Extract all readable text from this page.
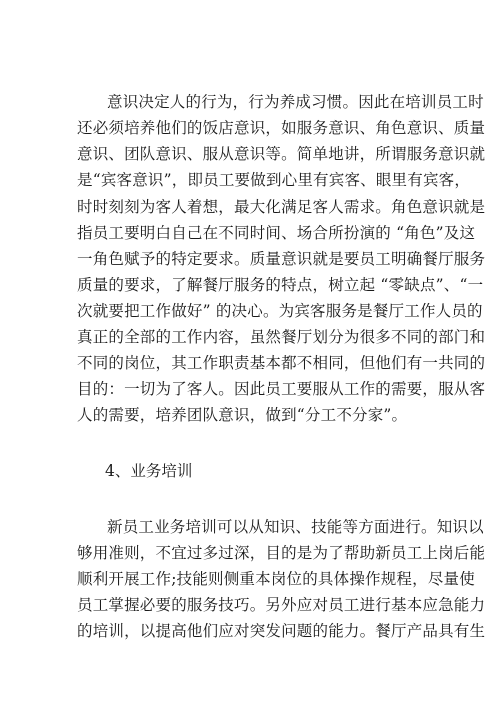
意识决定人的行为，行为养成习惯。因此在培训员工时
还必须培养他们的饭店意识，如服务意识、角色意识、质量
意识、团队意识、服从意识等。简单地讲，所谓服务意识就
是“宾客意识”，即员工要做到心里有宾客、眼里有宾客，
时时刻刻为客人着想，最大化满足客人需求。角色意识就是
指员工要明白自己在不同时间、场合所扮演的 “角色”及这
一角色赋予的特定要求。质量意识就是要员工明确餐厅服务
质量的要求，了解餐厅服务的特点，树立起 “零缺点”、“一
次就要把工作做好” 的决心。为宾客服务是餐厅工作人员的
真正的全部的工作内容，虽然餐厅划分为很多不同的部门和
不同的岗位，其工作职责基本都不相同，但他们有一共同的
目的：一切为了客人。因此员工要服从工作的需要，服从客
人的需要，培养团队意识，做到“分工不分家”。
4、业务培训
新员工业务培训可以从知识、技能等方面进行。知识以
够用准则，不宜过多过深，目的是为了帮助新员工上岗后能
顺利开展工作;技能则侧重本岗位的具体操作规程，尽量使
员工掌握必要的服务技巧。另外应对员工进行基本应急能力
的培训，以提高他们应对突发问题的能力。餐厅产品具有生
